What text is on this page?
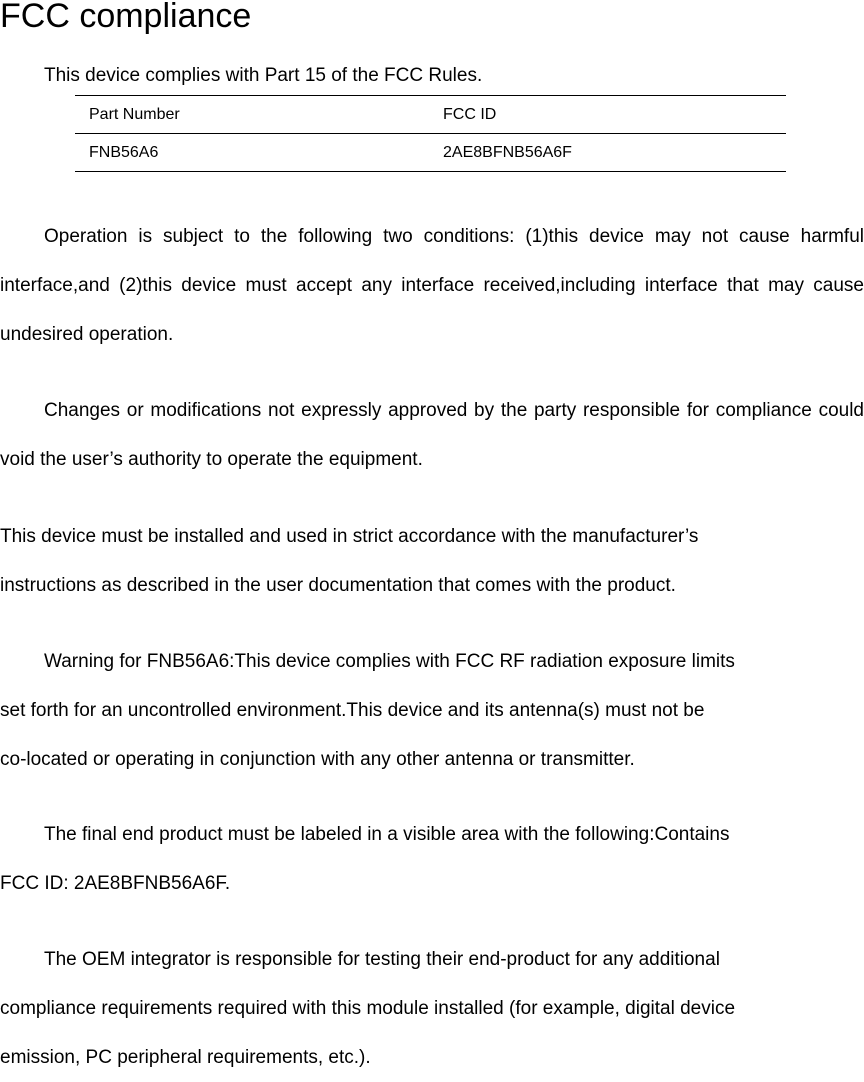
FCC compliance
This device complies with Part 15 of the FCC Rules.
Part Number	FCC ID
FNB56A6	2AE8BFNB56A6F

Operation is subject to the following two conditions: (1)this device may not cause harmful interface,and (2)this device must accept any interface received,including interface that may cause undesired operation.

Changes or modifications not expressly approved by the party responsible for compliance could void the user’s authority to operate the equipment.

This device must be installed and used in strict accordance with the manufacturer’s
instructions as described in the user documentation that comes with the product.
Warning for FNB56A6:This device complies with FCC RF radiation exposure limits
set forth for an uncontrolled environment.This device and its antenna(s) must not be
co-located or operating in conjunction with any other antenna or transmitter.
The final end product must be labeled in a visible area with the following:Contains
FCC ID: 2AE8BFNB56A6F.
The OEM integrator is responsible for testing their end-product for any additional
compliance requirements required with this module installed (for example, digital device
emission, PC peripheral requirements, etc.).
